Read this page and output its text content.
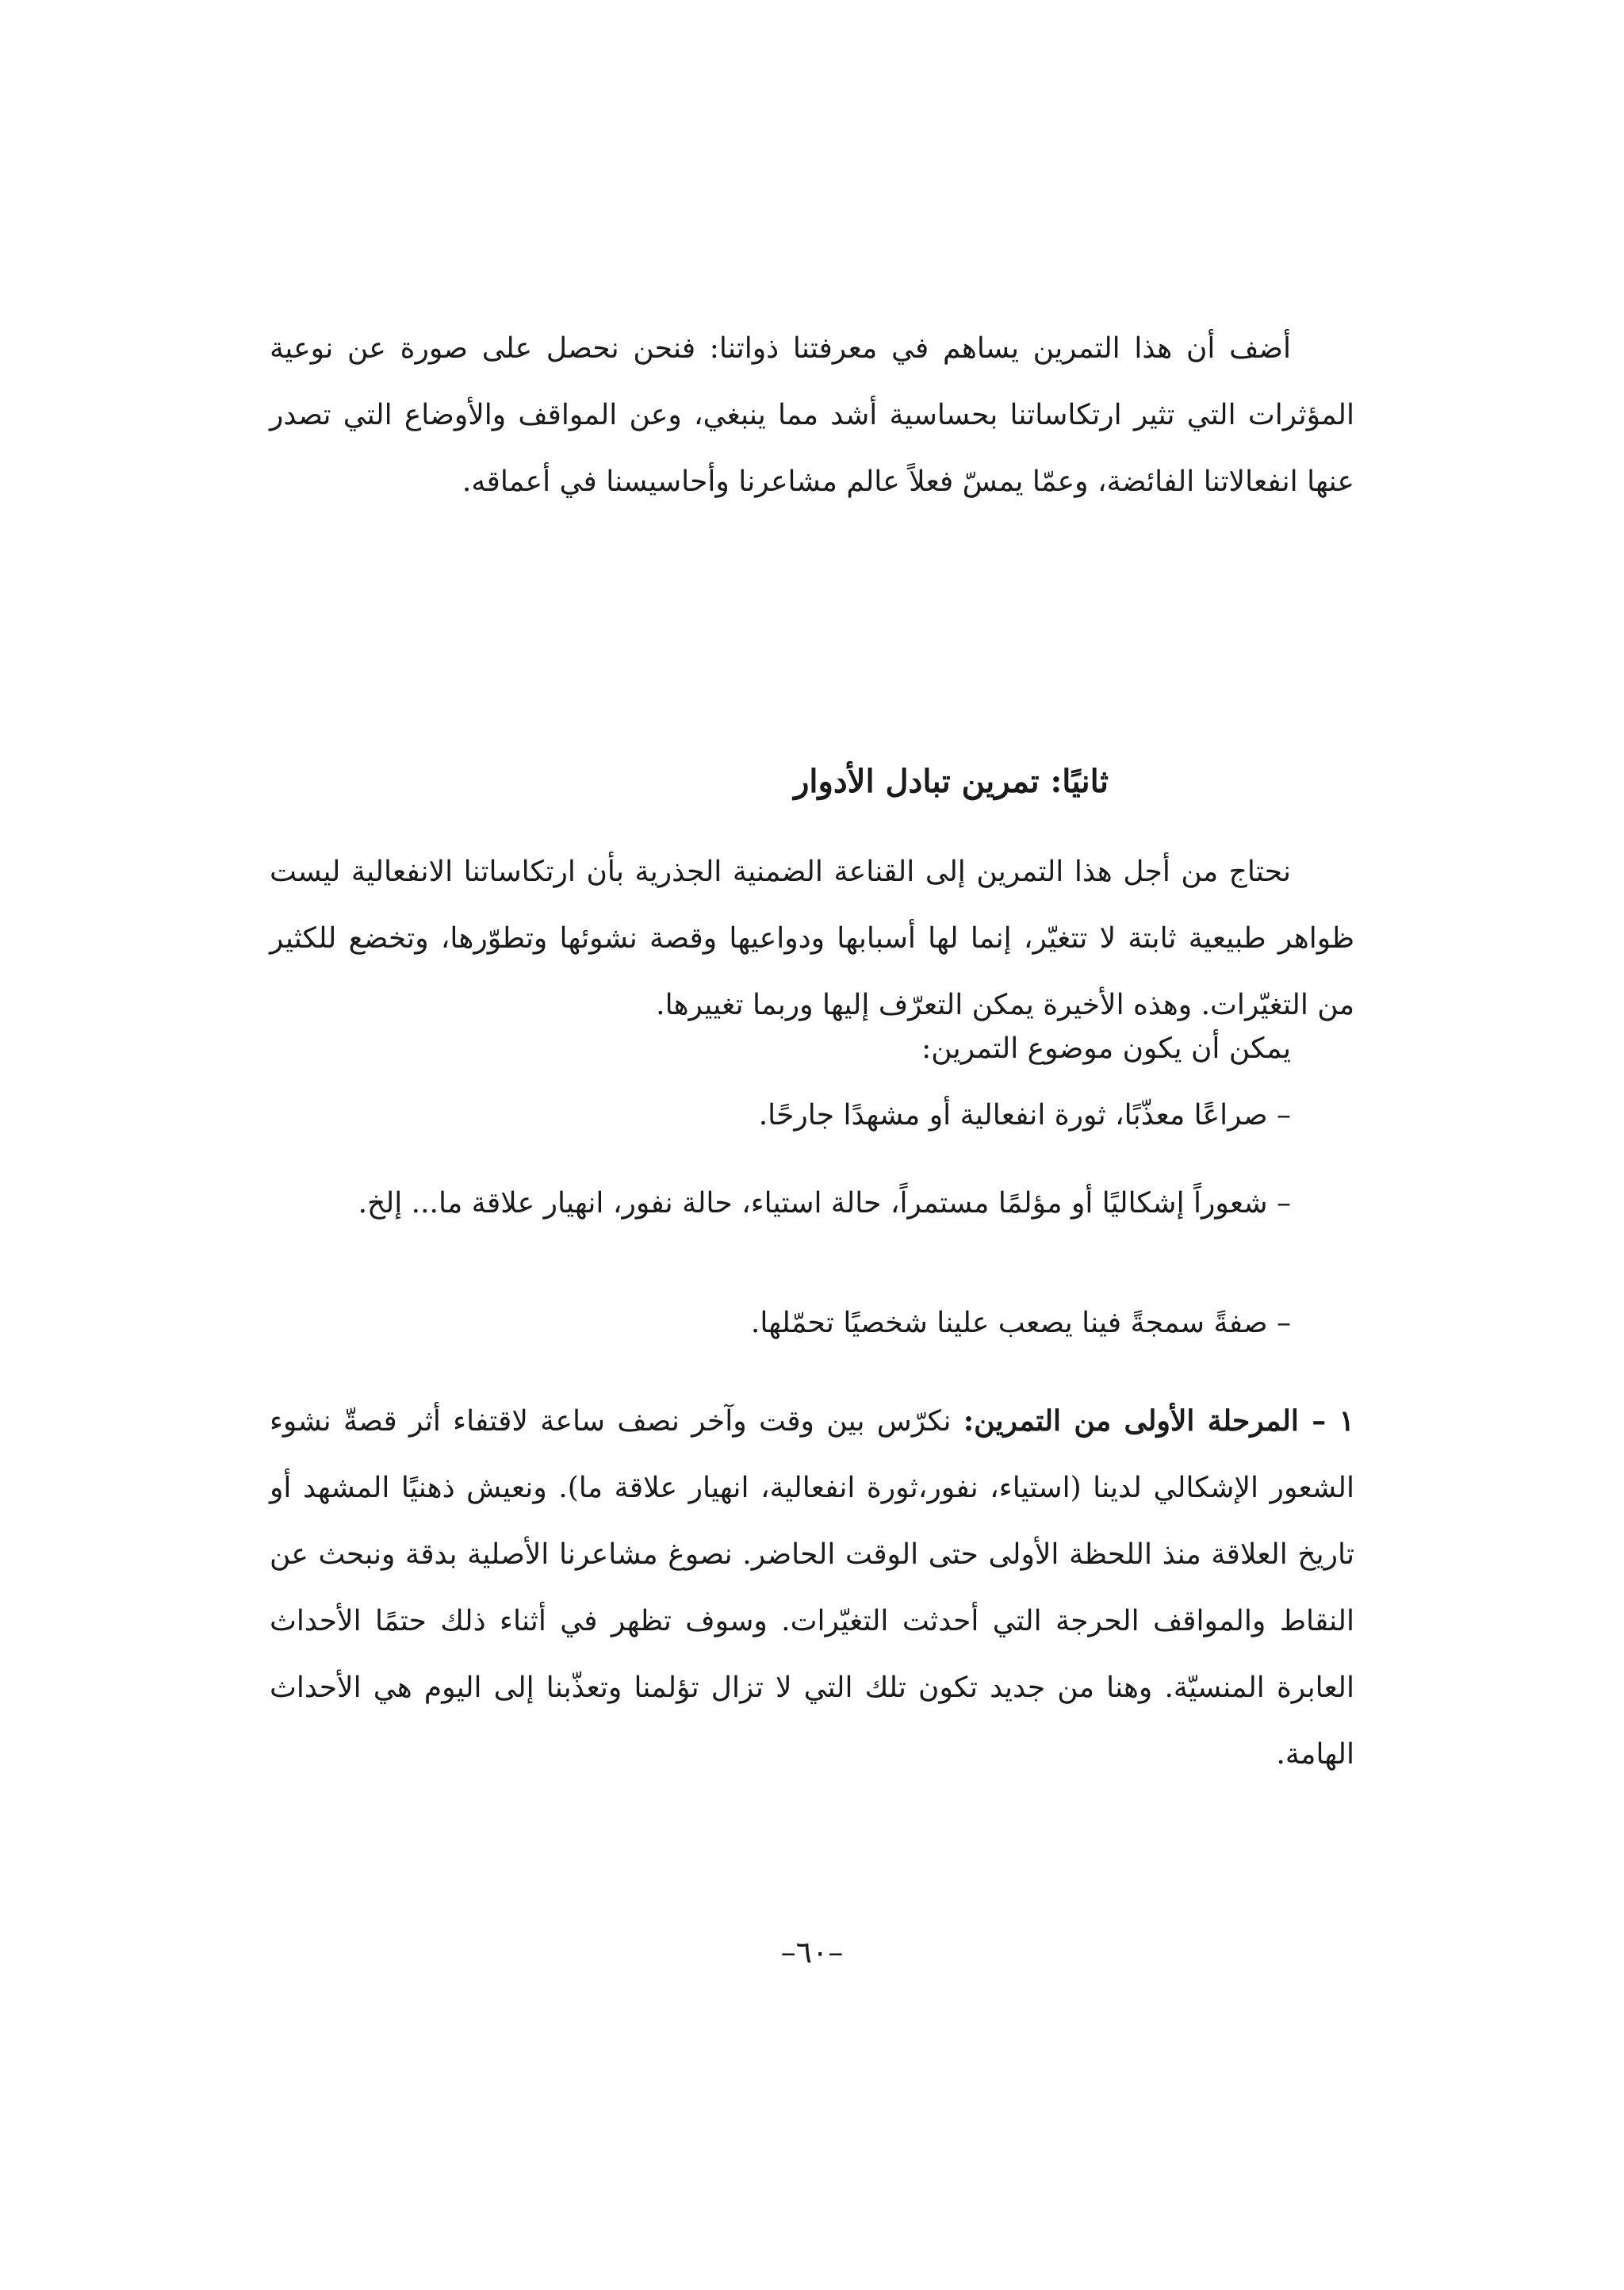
أضف أن هذا التمرين يساهم في معرفتنا ذواتنا: فنحن نحصل على صورة عن نوعية المؤثرات التي تثير ارتكاساتنا بحساسية أشد مما ينبغي، وعن المواقف والأوضاع التي تصدر عنها انفعالاتنا الفائضة، وعمّا يمسّ فعلاً عالم مشاعرنا وأحاسيسنا في أعماقه.

ثانيًا: تمرين تبادل الأدوار

نحتاج من أجل هذا التمرين إلى القناعة الضمنية الجذرية بأن ارتكاساتنا الانفعالية ليست ظواهر طبيعية ثابتة لا تتغيّر، إنما لها أسبابها ودواعيها وقصة نشوئها وتطوّرها، وتخضع للكثير من التغيّرات. وهذه الأخيرة يمكن التعرّف إليها وربما تغييرها.

يمكن أن يكون موضوع التمرين:

– صراعًا معذّبًا، ثورة انفعالية أو مشهدًا جارحًا.

– شعوراً إشكاليًا أو مؤلمًا مستمراً، حالة استياء، حالة نفور، انهيار علاقة ما... إلخ.

– صفةً سمجةً فينا يصعب علينا شخصيًا تحمّلها.

١ – المرحلة الأولى من التمرين: نكرّس بين وقت وآخر نصف ساعة لاقتفاء أثر قصةّ نشوء الشعور الإشكالي لدينا (استياء، نفور،ثورة انفعالية، انهيار علاقة ما). ونعيش ذهنيًا المشهد أو تاريخ العلاقة منذ اللحظة الأولى حتى الوقت الحاضر. نصوغ مشاعرنا الأصلية بدقة ونبحث عن النقاط والمواقف الحرجة التي أحدثت التغيّرات. وسوف تظهر في أثناء ذلك حتمًا الأحداث العابرة المنسيّة. وهنا من جديد تكون تلك التي لا تزال تؤلمنا وتعذّبنا إلى اليوم هي الأحداث الهامة.

–٦٠–
